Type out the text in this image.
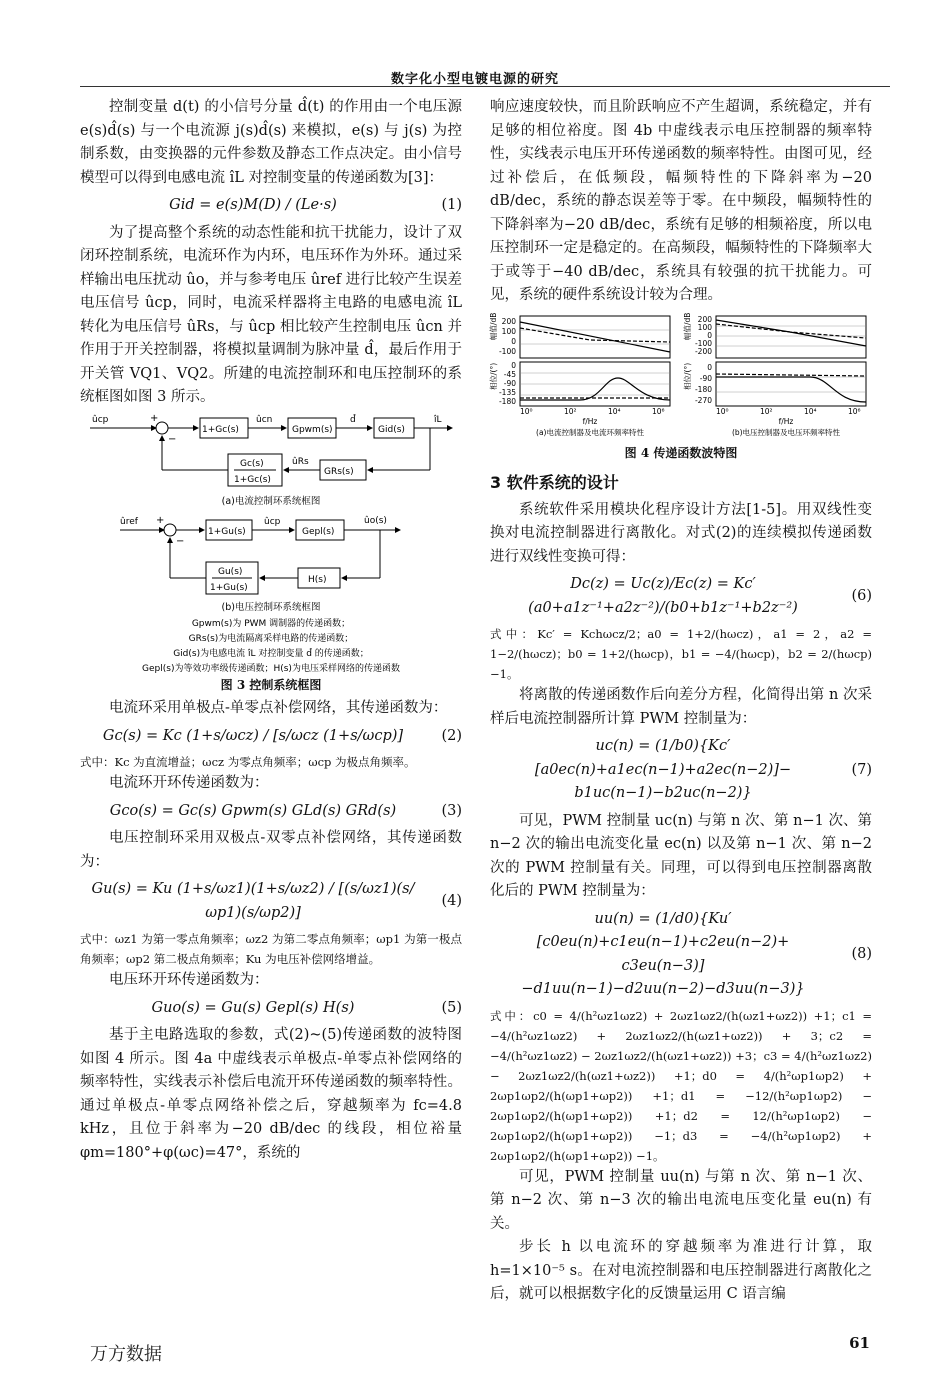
数字化小型电镀电源的研究

控制变量 d(t) 的小信号分量 d̂(t) 的作用由一个电压源 e(s)d̂(s) 与一个电流源 j(s)d̂(s) 来模拟，e(s) 与 j(s) 为控制系数，由变换器的元件参数及静态工作点决定。由小信号模型可以得到电感电流 îL 对控制变量的传递函数为[3]：

Gid = e(s)M(D) / (Le·s)	(1)

为了提高整个系统的动态性能和抗干扰能力，设计了双闭环控制系统，电流环作为内环，电压环作为外环。通过采样输出电压扰动 ûo，并与参考电压 ûref 进行比较产生误差电压信号 ûcp，同时，电流采样器将主电路的电感电流 îL 转化为电压信号 ûRs，与 ûcp 相比较产生控制电压 ûcn 并作用于开关控制器，将模拟量调制为脉冲量 d̂，最后作用于开关管 VQ1、VQ2。所建的电流控制环和电压控制环的系统框图如图 3 所示。

ûcp	+
−
1+Gc(s)
ûcn
Gpwm(s)
d̂
Gid(s)
îL
GRs(s)
ûRs
Gc(s)
1+Gc(s)
(a)电流控制环系统框图
ûref +
−
1+Gu(s)
ûcp
Gepl(s)
ûo(s)
H(s)
Gu(s)
1+Gu(s)
(b)电压控制环系统框图
Gpwm(s)为 PWM 调制器的传递函数；
GRs(s)为电流隔离采样电路的传递函数；
Gid(s)为电感电流 îL 对控制变量 d̂ 的传递函数；
Gepl(s)为等效功率级传递函数；H(s)为电压采样网络的传递函数
图 3 控制系统框图

电流环采用单极点-单零点补偿网络，其传递函数为：

Gc(s) = Kc (1+s/ωcz) / [s/ωcz (1+s/ωcp)]	(2)

式中：Kc 为直流增益；ωcz 为零点角频率；ωcp 为极点角频率。

电流环开环传递函数为：

Gco(s) = Gc(s) Gpwm(s) GLd(s) GRd(s)	(3)

电压控制环采用双极点-双零点补偿网络，其传递函数为：

Gu(s) = Ku (1+s/ωz1)(1+s/ωz2) / [(s/ωz1)(s/ωp1)(s/ωp2)]
(4)

式中：ωz1 为第一零点角频率；ωz2 为第二零点角频率；ωp1 为第一极点角频率；ωp2 第二极点角频率；Ku 为电压补偿网络增益。

电压环开环传递函数为：

Guo(s) = Gu(s) Gepl(s) H(s)	(5)

基于主电路选取的参数，式(2)~(5)传递函数的波特图如图 4 所示。图 4a 中虚线表示单极点-单零点补偿网络的频率特性，实线表示补偿后电流开环传递函数的频率特性。通过单极点-单零点网络补偿之后，穿越频率为 fc=4.8 kHz，且位于斜率为−20 dB/dec 的线段，相位裕量 φm=180°+φ(ωc)=47°，系统的

响应速度较快，而且阶跃响应不产生超调，系统稳定，并有足够的相位裕度。图 4b 中虚线表示电压控制器的频率特性，实线表示电压开环传递函数的频率特性。由图可见，经过补偿后，在低频段，幅频特性的下降斜率为−20 dB/dec，系统的静态误差等于零。在中频段，幅频特性的下降斜率为−20 dB/dec，系统有足够的相频裕度，所以电压控制环一定是稳定的。在高频段，幅频特性的下降频率大于或等于−40 dB/dec，系统具有较强的抗干扰能力。可见，系统的硬件系统设计较为合理。

幅值/dB
相位/(°)
200
100
0
-100
0
-45
-90
-135
-180
10⁰	10²	10⁴	10⁶
f/Hz
(a)电流控制器及电流环频率特性
幅值/dB
相位/(°)
200
100
0
-100
-200
0
-90
-180
-270
10⁰	10²	10⁴	10⁶
f/Hz
(b)电压控制器及电压环频率特性
图 4 传递函数波特图
3 软件系统的设计

系统软件采用模块化程序设计方法[1-5]。用双线性变换对电流控制器进行离散化。对式(2)的连续模拟传递函数进行双线性变换可得：

Dc(z) = Uc(z)/Ec(z) = Kc′ (a0+a1z⁻¹+a2z⁻²)/(b0+b1z⁻¹+b2z⁻²)
(6)

式中：Kc′ = Kchωcz/2；a0 = 1+2/(hωcz)，a1 = 2，a2 = 1−2/(hωcz)；b0 = 1+2/(hωcp)，b1 = −4/(hωcp)，b2 = 2/(hωcp) −1。

将离散的传递函数作后向差分方程，化简得出第 n 次采样后电流控制器所计算 PWM 控制量为：

uc(n) = (1/b0){Kc′[a0ec(n)+a1ec(n−1)+a2ec(n−2)]−
b1uc(n−1)−b2uc(n−2)}
(7)

可见，PWM 控制量 uc(n) 与第 n 次、第 n−1 次、第 n−2 次的输出电流变化量 ec(n) 以及第 n−1 次、第 n−2 次的 PWM 控制量有关。同理，可以得到电压控制器离散化后的 PWM 控制量为：

uu(n) = (1/d0){Ku′[c0eu(n)+c1eu(n−1)+c2eu(n−2)+
c3eu(n−3)]−d1uu(n−1)−d2uu(n−2)−d3uu(n−3)}
(8)

式中：c0 = 4/(h²ωz1ωz2) + 2ωz1ωz2/(h(ωz1+ωz2)) +1；c1 = −4/(h²ωz1ωz2) + 2ωz1ωz2/(h(ωz1+ωz2)) + 3；c2 = −4/(h²ωz1ωz2) − 2ωz1ωz2/(h(ωz1+ωz2)) +3；c3 = 4/(h²ωz1ωz2) − 2ωz1ωz2/(h(ωz1+ωz2)) +1；d0 = 4/(h²ωp1ωp2) + 2ωp1ωp2/(h(ωp1+ωp2)) +1；d1 = −12/(h²ωp1ωp2) − 2ωp1ωp2/(h(ωp1+ωp2)) +1；d2 = 12/(h²ωp1ωp2) − 2ωp1ωp2/(h(ωp1+ωp2)) −1；d3 = −4/(h²ωp1ωp2) + 2ωp1ωp2/(h(ωp1+ωp2)) −1。

可见，PWM 控制量 uu(n) 与第 n 次、第 n−1 次、第 n−2 次、第 n−3 次的输出电流电压变化量 eu(n) 有关。

步长 h 以电流环的穿越频率为准进行计算，取 h=1×10⁻⁵ s。在对电流控制器和电压控制器进行离散化之后，就可以根据数字化的反馈量运用 C 语言编

万方数据
61
